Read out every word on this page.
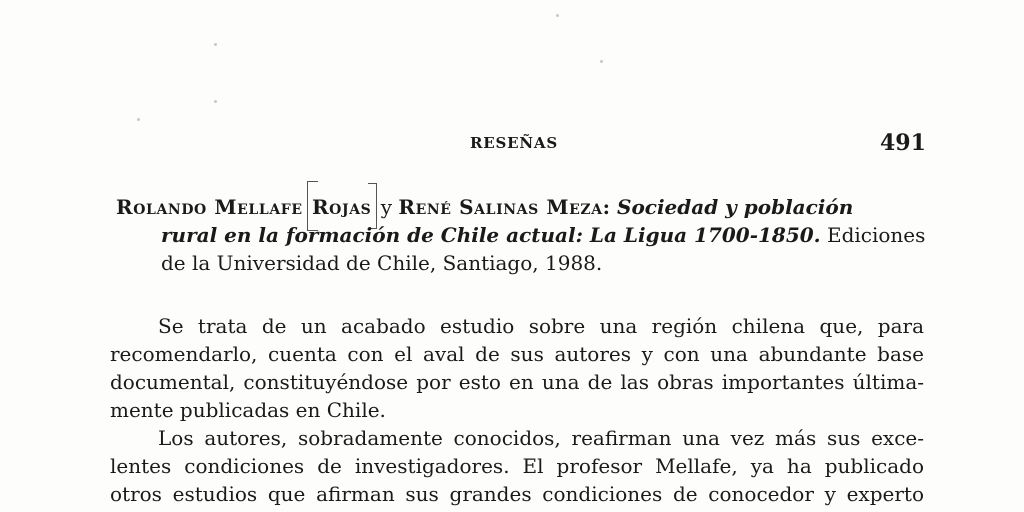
RESEÑAS	491
Rolando Mellafe Rojas y René Salinas Meza: Sociedad y población
rural en la formación de Chile actual: La Ligua 1700-1850. Ediciones
de la Universidad de Chile, Santiago, 1988.
Se trata de un acabado estudio sobre una región chilena que, para
recomendarlo, cuenta con el aval de sus autores y con una abundante base
documental, constituyéndose por esto en una de las obras importantes última-
mente publicadas en Chile.
Los autores, sobradamente conocidos, reafirman una vez más sus exce-
lentes condiciones de investigadores. El profesor Mellafe, ya ha publicado
otros estudios que afirman sus grandes condiciones de conocedor y experto
